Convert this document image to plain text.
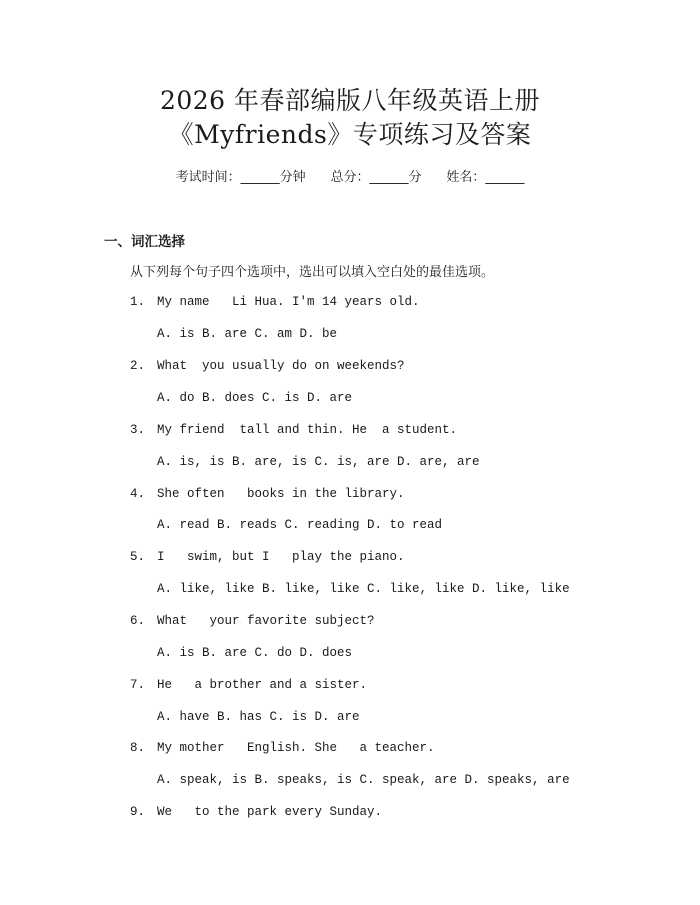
2026 年春部编版八年级英语上册
《Myfriends》专项练习及答案
考试时间：______分钟 总分：______分 姓名：______
一、词汇选择
从下列每个句子四个选项中，选出可以填入空白处的最佳选项。
1. My name   Li Hua. I'm 14 years old.
A. is B. are C. am D. be
2. What  you usually do on weekends?
A. do B. does C. is D. are
3. My friend  tall and thin. He  a student.
A. is, is B. are, is C. is, are D. are, are
4. She often   books in the library.
A. read B. reads C. reading D. to read
5. I   swim, but I   play the piano.
A. like, like B. like, like C. like, like D. like, like
6. What   your favorite subject?
A. is B. are C. do D. does
7. He   a brother and a sister.
A. have B. has C. is D. are
8. My mother   English. She   a teacher.
A. speak, is B. speaks, is C. speak, are D. speaks, are
9. We   to the park every Sunday.
